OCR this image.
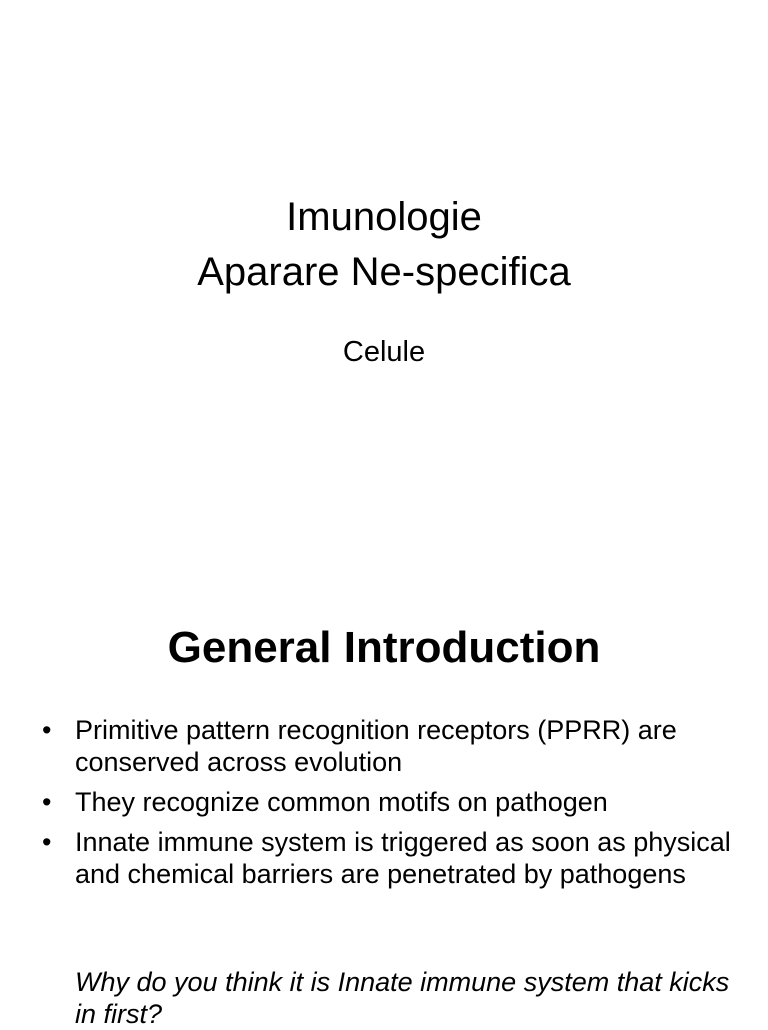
Imunologie
Aparare Ne-specifica
Celule
General Introduction
• Primitive pattern recognition receptors (PPRR) are conserved across evolution
• They recognize common motifs on pathogen
• Innate immune system is triggered as soon as physical and chemical barriers are penetrated by pathogens
Why do you think it is Innate immune system that kicks in first?
